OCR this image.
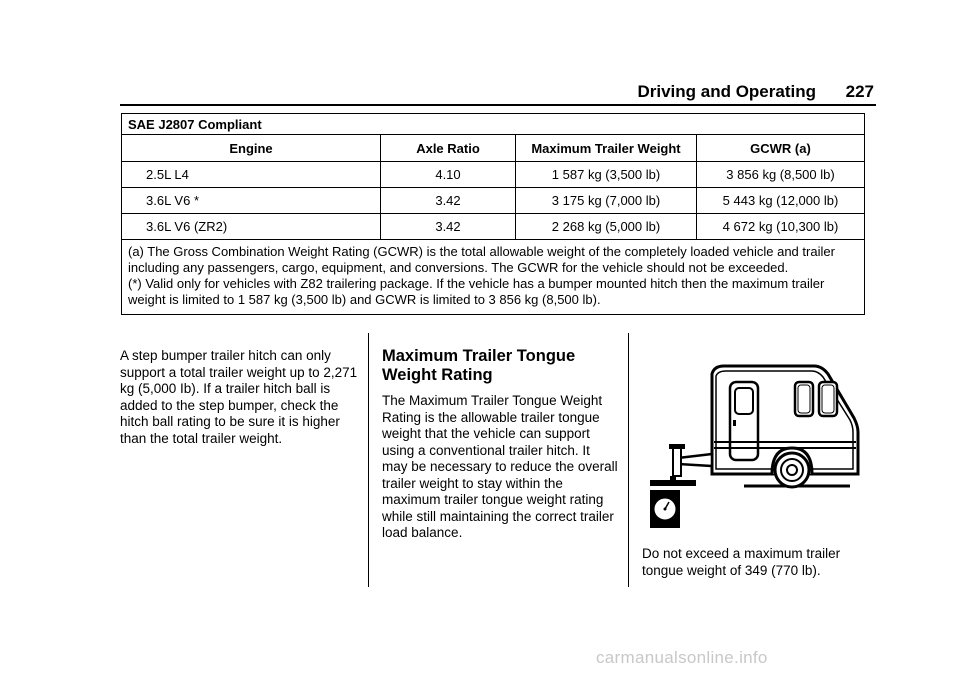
Driving and Operating 227
SAE J2807 Compliant			
Engine	Axle Ratio	Maximum Trailer Weight	GCWR (a)
2.5L L4	4.10	1 587 kg (3,500 lb)	3 856 kg (8,500 lb)
3.6L V6 *	3.42	3 175 kg (7,000 lb)	5 443 kg (12,000 lb)
3.6L V6 (ZR2)	3.42	2 268 kg (5,000 lb)	4 672 kg (10,300 lb)

(a) The Gross Combination Weight Rating (GCWR) is the total allowable weight of the completely loaded vehicle and trailer including any passengers, cargo, equipment, and conversions. The GCWR for the vehicle should not be exceeded.
(*) Valid only for vehicles with Z82 trailering package. If the vehicle has a bumper mounted hitch then the maximum trailer weight is limited to 1 587 kg (3,500 lb) and GCWR is limited to 3 856 kg (8,500 lb).			
A step bumper trailer hitch can only support a total trailer weight up to 2,271 kg (5,000 Ib). If a trailer hitch ball is added to the step bumper, check the hitch ball rating to be sure it is higher than the total trailer weight.
Maximum Trailer Tongue Weight Rating

The Maximum Trailer Tongue Weight Rating is the allowable trailer tongue weight that the vehicle can support using a conventional trailer hitch. It may be necessary to reduce the overall trailer weight to stay within the maximum trailer tongue weight rating while still maintaining the correct trailer load balance.

Do not exceed a maximum trailer tongue weight of 349 (770 lb).
carmanualsonline.info
